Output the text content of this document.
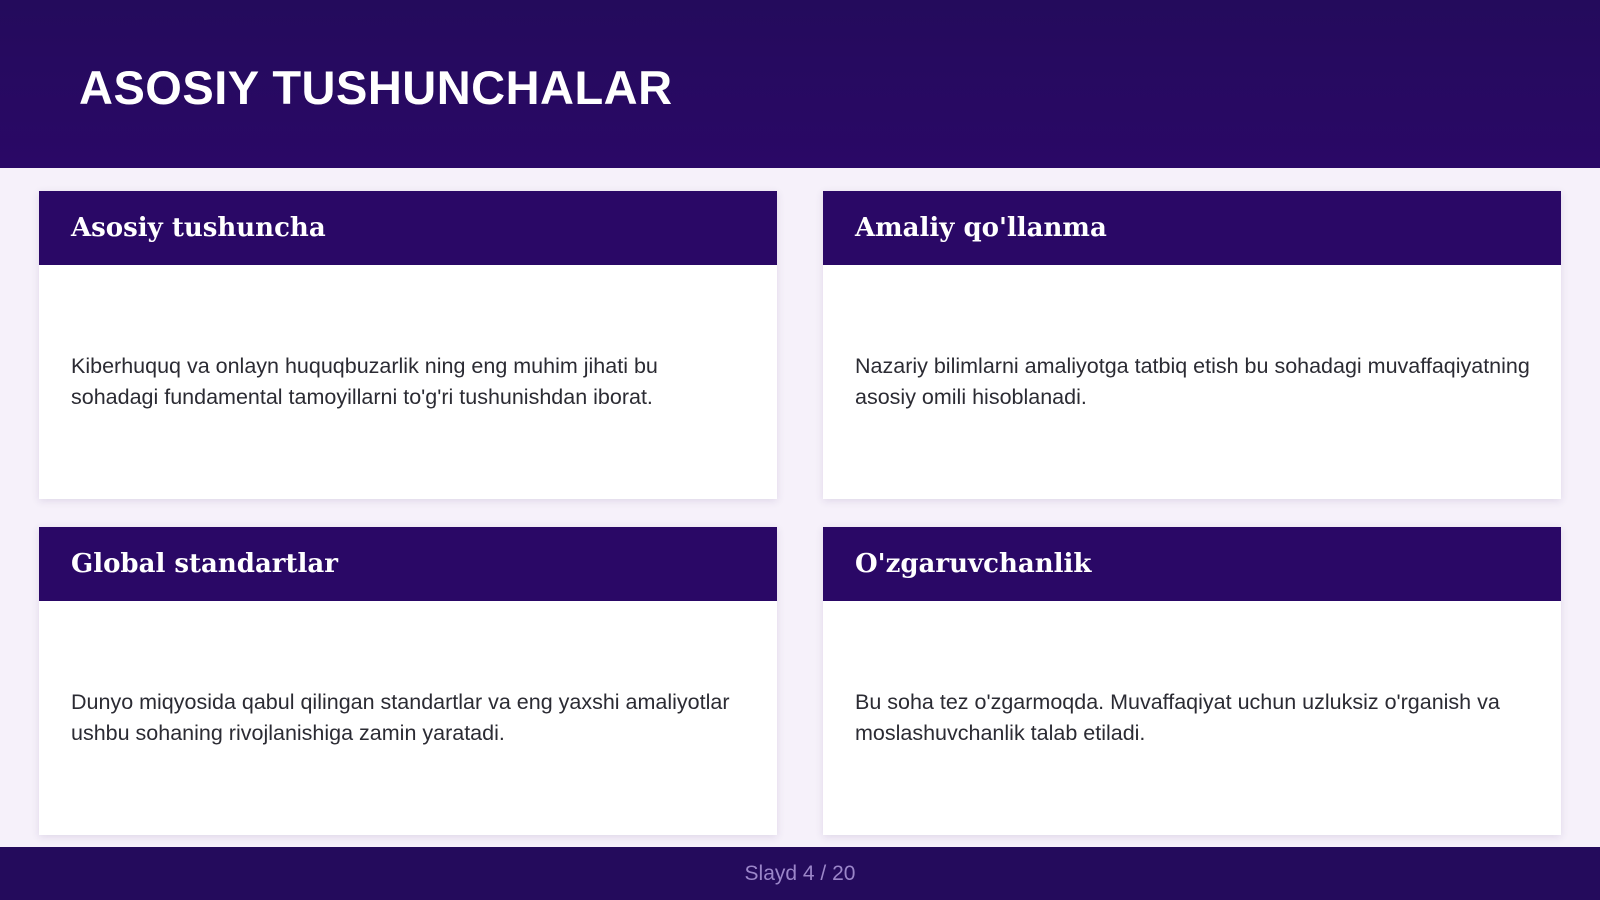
ASOSIY TUSHUNCHALAR
Asosiy tushuncha
Kiberhuquq va onlayn huquqbuzarlik ning eng muhim jihati bu sohadagi fundamental tamoyillarni to'g'ri tushunishdan iborat.
Amaliy qo'llanma
Nazariy bilimlarni amaliyotga tatbiq etish bu sohadagi muvaffaqiyatning asosiy omili hisoblanadi.
Global standartlar
Dunyo miqyosida qabul qilingan standartlar va eng yaxshi amaliyotlar ushbu sohaning rivojlanishiga zamin yaratadi.
O'zgaruvchanlik
Bu soha tez o'zgarmoqda. Muvaffaqiyat uchun uzluksiz o'rganish va moslashuvchanlik talab etiladi.
Slayd 4 / 20
